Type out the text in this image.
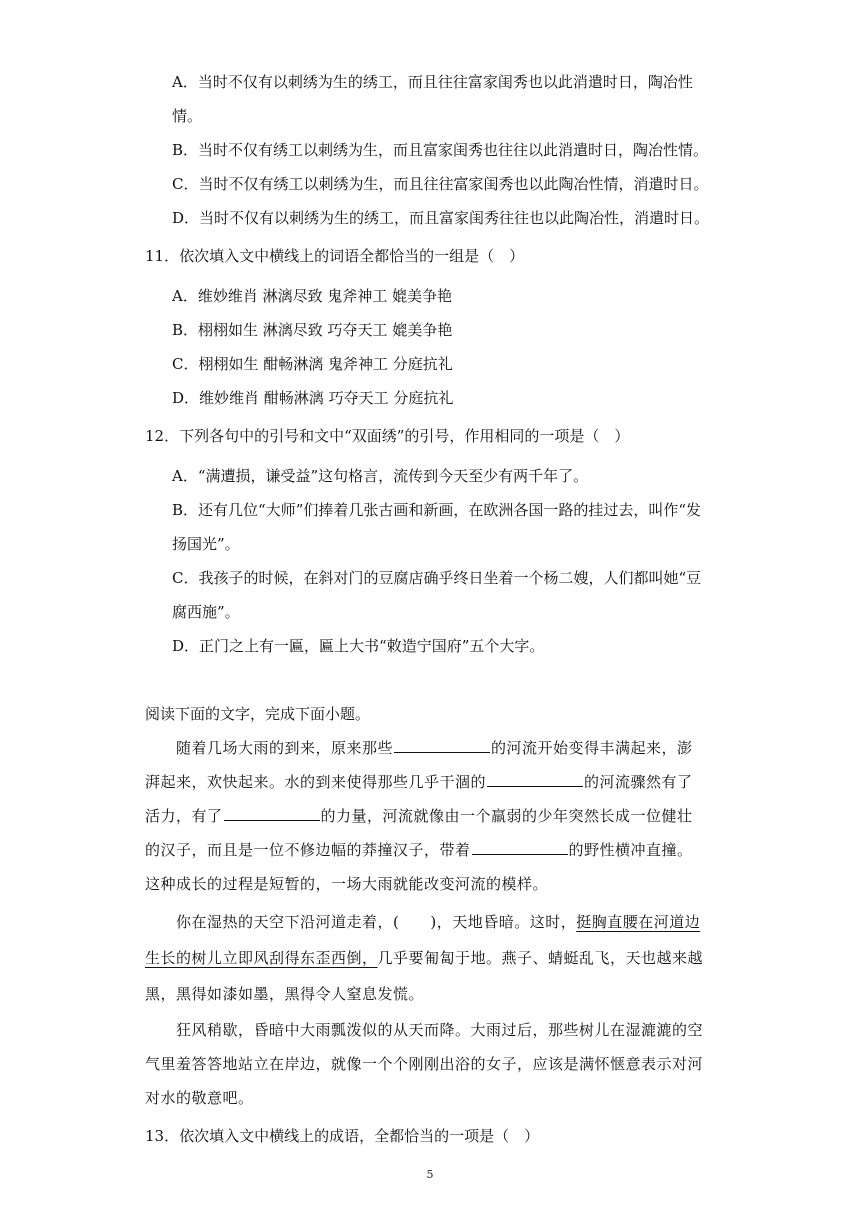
A．当时不仅有以刺绣为生的绣工，而且往往富家闺秀也以此消遣时日，陶冶性
情。
B．当时不仅有绣工以刺绣为生，而且富家闺秀也往往以此消遣时日，陶冶性情。
C．当时不仅有绣工以刺绣为生，而且往往富家闺秀也以此陶冶性情，消遣时日。
D．当时不仅有以刺绣为生的绣工，而且富家闺秀往往也以此陶冶性，消遣时日。
11．依次填入文中横线上的词语全都恰当的一组是（　）
A．维妙维肖 淋漓尽致 鬼斧神工 媲美争艳
B．栩栩如生 淋漓尽致 巧夺天工 媲美争艳
C．栩栩如生 酣畅淋漓 鬼斧神工 分庭抗礼
D．维妙维肖 酣畅淋漓 巧夺天工 分庭抗礼
12．下列各句中的引号和文中“双面绣”的引号，作用相同的一项是（　）
A．“满遭损，谦受益”这句格言，流传到今天至少有两千年了。
B．还有几位“大师”们捧着几张古画和新画，在欧洲各国一路的挂过去，叫作“发
扬国光”。
C．我孩子的时候，在斜对门的豆腐店确乎终日坐着一个杨二嫂，人们都叫她“豆
腐西施”。
D．正门之上有一匾，匾上大书“敕造宁国府”五个大字。
阅读下面的文字，完成下面小题。
随着几场大雨的到来，原来那些	的河流开始变得丰满起来，澎
湃起来，欢快起来。水的到来使得那些几乎干涸的	的河流骤然有了
活力，有了	的力量，河流就像由一个羸弱的少年突然长成一位健壮
的汉子，而且是一位不修边幅的莽撞汉子，带着	的野性横冲直撞。
这种成长的过程是短暂的，一场大雨就能改变河流的模样。
你在湿热的天空下沿河道走着，(　　)，天地昏暗。这时，挺胸直腰在河道边
生长的树儿立即风刮得东歪西倒，几乎要匍匐于地。燕子、蜻蜓乱飞，天也越来越
黑，黑得如漆如墨，黑得令人窒息发慌。
狂风稍歇，昏暗中大雨瓢泼似的从天而降。大雨过后，那些树儿在湿漉漉的空
气里羞答答地站立在岸边，就像一个个刚刚出浴的女子，应该是满怀惬意表示对河
对水的敬意吧。
13．依次填入文中横线上的成语，全都恰当的一项是（　）
5
